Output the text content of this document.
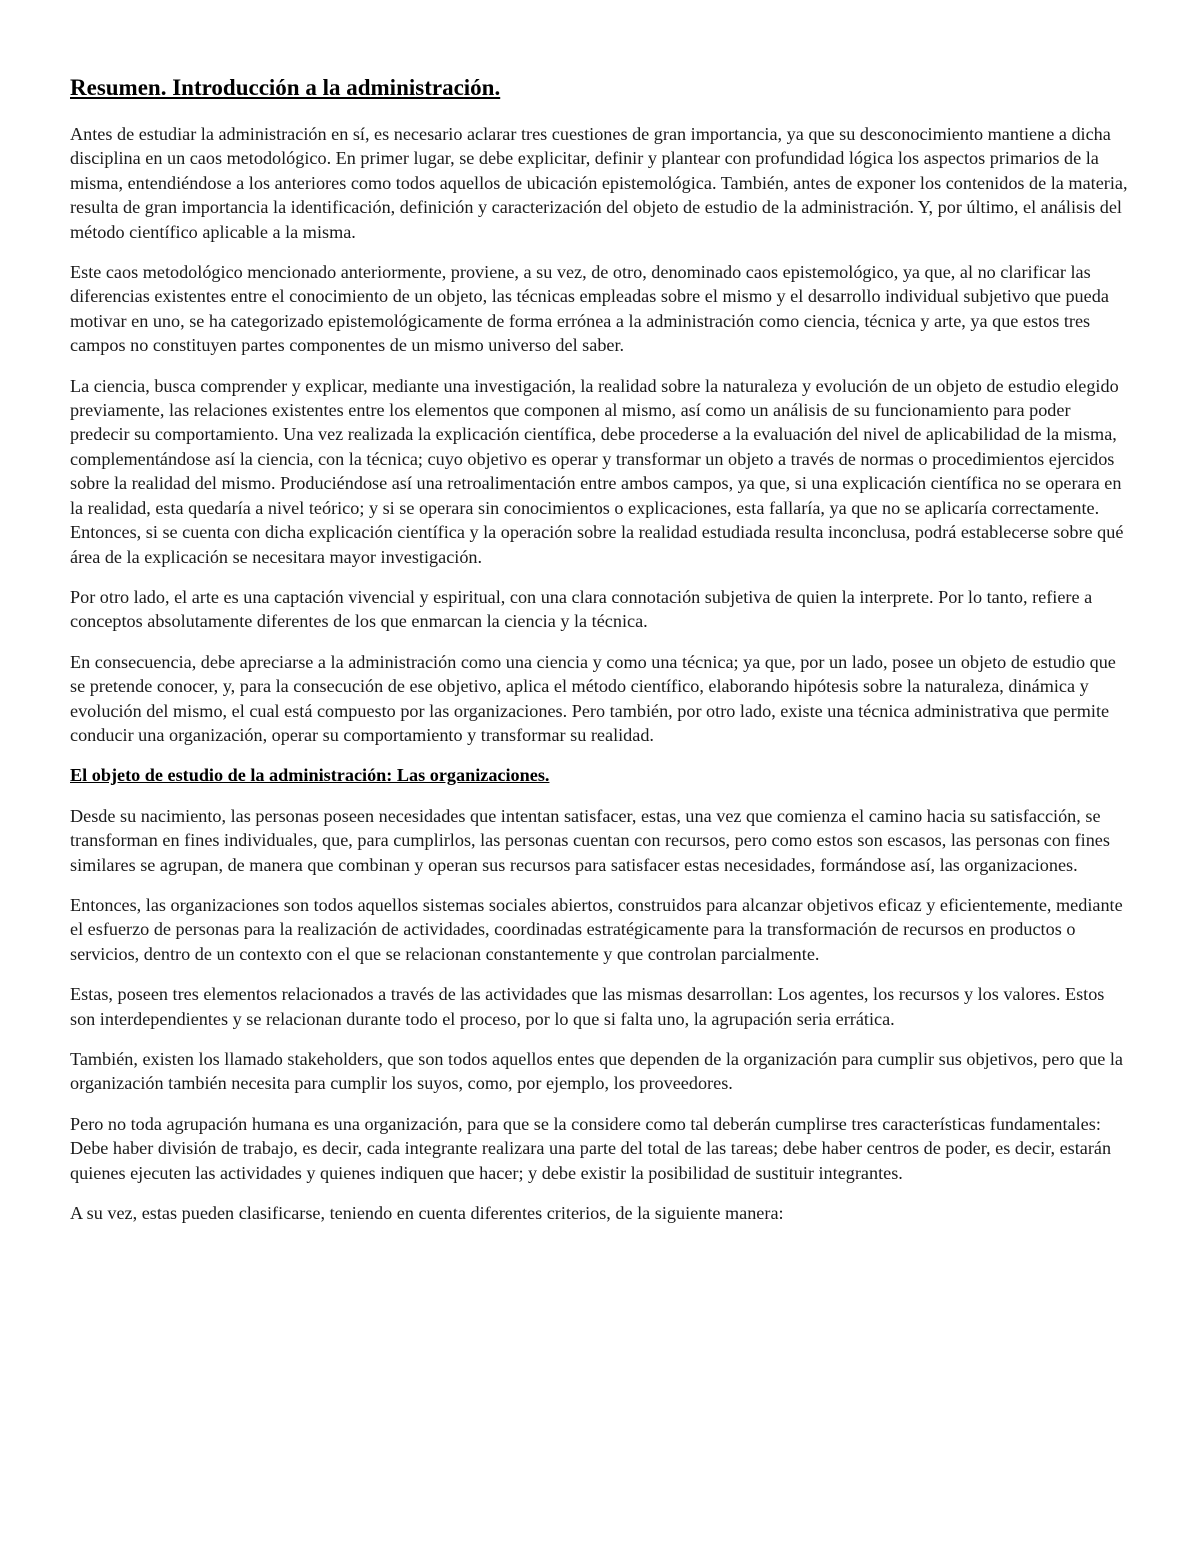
Resumen. Introducción a la administración.

Antes de estudiar la administración en sí, es necesario aclarar tres cuestiones de gran importancia, ya que su desconocimiento mantiene a dicha disciplina en un caos metodológico. En primer lugar, se debe explicitar, definir y plantear con profundidad lógica los aspectos primarios de la misma, entendiéndose a los anteriores como todos aquellos de ubicación epistemológica. También, antes de exponer los contenidos de la materia, resulta de gran importancia la identificación, definición y caracterización del objeto de estudio de la administración. Y, por último, el análisis del método científico aplicable a la misma.

Este caos metodológico mencionado anteriormente, proviene, a su vez, de otro, denominado caos epistemológico, ya que, al no clarificar las diferencias existentes entre el conocimiento de un objeto, las técnicas empleadas sobre el mismo y el desarrollo individual subjetivo que pueda motivar en uno, se ha categorizado epistemológicamente de forma errónea a la administración como ciencia, técnica y arte, ya que estos tres campos no constituyen partes componentes de un mismo universo del saber.

La ciencia, busca comprender y explicar, mediante una investigación, la realidad sobre la naturaleza y evolución de un objeto de estudio elegido previamente, las relaciones existentes entre los elementos que componen al mismo, así como un análisis de su funcionamiento para poder predecir su comportamiento. Una vez realizada la explicación científica, debe procederse a la evaluación del nivel de aplicabilidad de la misma, complementándose así la ciencia, con la técnica; cuyo objetivo es operar y transformar un objeto a través de normas o procedimientos ejercidos sobre la realidad del mismo. Produciéndose así una retroalimentación entre ambos campos, ya que, si una explicación científica no se operara en la realidad, esta quedaría a nivel teórico; y si se operara sin conocimientos o explicaciones, esta fallaría, ya que no se aplicaría correctamente. Entonces, si se cuenta con dicha explicación científica y la operación sobre la realidad estudiada resulta inconclusa, podrá establecerse sobre qué área de la explicación se necesitara mayor investigación.

Por otro lado, el arte es una captación vivencial y espiritual, con una clara connotación subjetiva de quien la interprete. Por lo tanto, refiere a conceptos absolutamente diferentes de los que enmarcan la ciencia y la técnica.

En consecuencia, debe apreciarse a la administración como una ciencia y como una técnica; ya que, por un lado, posee un objeto de estudio que se pretende conocer, y, para la consecución de ese objetivo, aplica el método científico, elaborando hipótesis sobre la naturaleza, dinámica y evolución del mismo, el cual está compuesto por las organizaciones. Pero también, por otro lado, existe una técnica administrativa que permite conducir una organización, operar su comportamiento y transformar su realidad.

El objeto de estudio de la administración: Las organizaciones.

Desde su nacimiento, las personas poseen necesidades que intentan satisfacer, estas, una vez que comienza el camino hacia su satisfacción, se transforman en fines individuales, que, para cumplirlos, las personas cuentan con recursos, pero como estos son escasos, las personas con fines similares se agrupan, de manera que combinan y operan sus recursos para satisfacer estas necesidades, formándose así, las organizaciones.

Entonces, las organizaciones son todos aquellos sistemas sociales abiertos, construidos para alcanzar objetivos eficaz y eficientemente, mediante el esfuerzo de personas para la realización de actividades, coordinadas estratégicamente para la transformación de recursos en productos o servicios, dentro de un contexto con el que se relacionan constantemente y que controlan parcialmente.

Estas, poseen tres elementos relacionados a través de las actividades que las mismas desarrollan: Los agentes, los recursos y los valores. Estos son interdependientes y se relacionan durante todo el proceso, por lo que si falta uno, la agrupación seria errática.

También, existen los llamado stakeholders, que son todos aquellos entes que dependen de la organización para cumplir sus objetivos, pero que la organización también necesita para cumplir los suyos, como, por ejemplo, los proveedores.

Pero no toda agrupación humana es una organización, para que se la considere como tal deberán cumplirse tres características fundamentales: Debe haber división de trabajo, es decir, cada integrante realizara una parte del total de las tareas; debe haber centros de poder, es decir, estarán quienes ejecuten las actividades y quienes indiquen que hacer; y debe existir la posibilidad de sustituir integrantes.

A su vez, estas pueden clasificarse, teniendo en cuenta diferentes criterios, de la siguiente manera:
